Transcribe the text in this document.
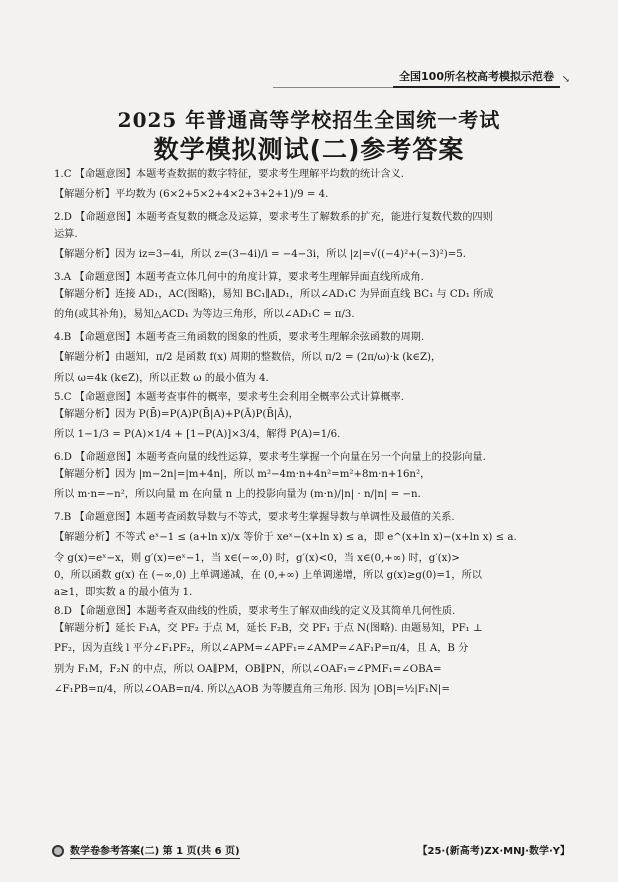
全国100所名校高考模拟示范卷 ↘
2025 年普通高等学校招生全国统一考试
数学模拟测试(二)参考答案
1.C 【命题意图】本题考查数据的数字特征，要求考生理解平均数的统计含义.
【解题分析】平均数为 (6×2+5×2+4×2+3+2+1)/9 = 4.
2.D 【命题意图】本题考查复数的概念及运算，要求考生了解数系的扩充，能进行复数代数的四则
运算.
【解题分析】因为 iz=3−4i，所以 z=(3−4i)/i = −4−3i，所以 |z|=√((−4)²+(−3)²)=5.
3.A 【命题意图】本题考查立体几何中的角度计算，要求考生理解异面直线所成角.
【解题分析】连接 AD₁，AC(图略)，易知 BC₁∥AD₁，所以∠AD₁C 为异面直线 BC₁ 与 CD₁ 所成
的角(或其补角)，易知△ACD₁ 为等边三角形，所以∠AD₁C = π/3.
4.B 【命题意图】本题考查三角函数的图象的性质，要求考生理解余弦函数的周期.
【解题分析】由题知，π/2 是函数 f(x) 周期的整数倍，所以 π/2 = (2π/ω)·k (k∈Z)，
所以 ω=4k (k∈Z)，所以正数 ω 的最小值为 4.
5.C 【命题意图】本题考查事件的概率，要求考生会利用全概率公式计算概率.
【解题分析】因为 P(B̄)=P(A)P(B̄|A)+P(Ā)P(B̄|Ā)，
所以 1−1/3 = P(A)×1/4 + [1−P(A)]×3/4，解得 P(A)=1/6.
6.D 【命题意图】本题考查向量的线性运算，要求考生掌握一个向量在另一个向量上的投影向量.
【解题分析】因为 |m−2n|=|m+4n|，所以 m²−4m·n+4n²=m²+8m·n+16n²，
所以 m·n=−n²，所以向量 m 在向量 n 上的投影向量为 (m·n)/|n| · n/|n| = −n.
7.B 【命题意图】本题考查函数导数与不等式，要求考生掌握导数与单调性及最值的关系.
【解题分析】不等式 eˣ−1 ≤ (a+ln x)/x 等价于 xeˣ−(x+ln x) ≤ a，即 e^(x+ln x)−(x+ln x) ≤ a.
令 g(x)=eˣ−x，则 g′(x)=eˣ−1，当 x∈(−∞,0) 时，g′(x)<0，当 x∈(0,+∞) 时，g′(x)>
0，所以函数 g(x) 在 (−∞,0) 上单调递减，在 (0,+∞) 上单调递增，所以 g(x)≥g(0)=1，所以
a≥1，即实数 a 的最小值为 1.
8.D 【命题意图】本题考查双曲线的性质，要求考生了解双曲线的定义及其简单几何性质.
【解题分析】延长 F₁A，交 PF₂ 于点 M，延长 F₂B，交 PF₁ 于点 N(图略). 由题易知，PF₁ ⊥
PF₂，因为直线 l 平分∠F₁PF₂，所以∠APM=∠APF₁=∠AMP=∠AF₁P=π/4，且 A，B 分
别为 F₁M，F₂N 的中点，所以 OA∥PM，OB∥PN，所以∠OAF₁=∠PMF₁=∠OBA=
∠F₁PB=π/4，所以∠OAB=π/4. 所以△AOB 为等腰直角三角形. 因为 |OB|=½|F₁N|=
数学卷参考答案(二) 第 1 页(共 6 页)	【25·(新高考)ZX·MNJ·数学·Y】
